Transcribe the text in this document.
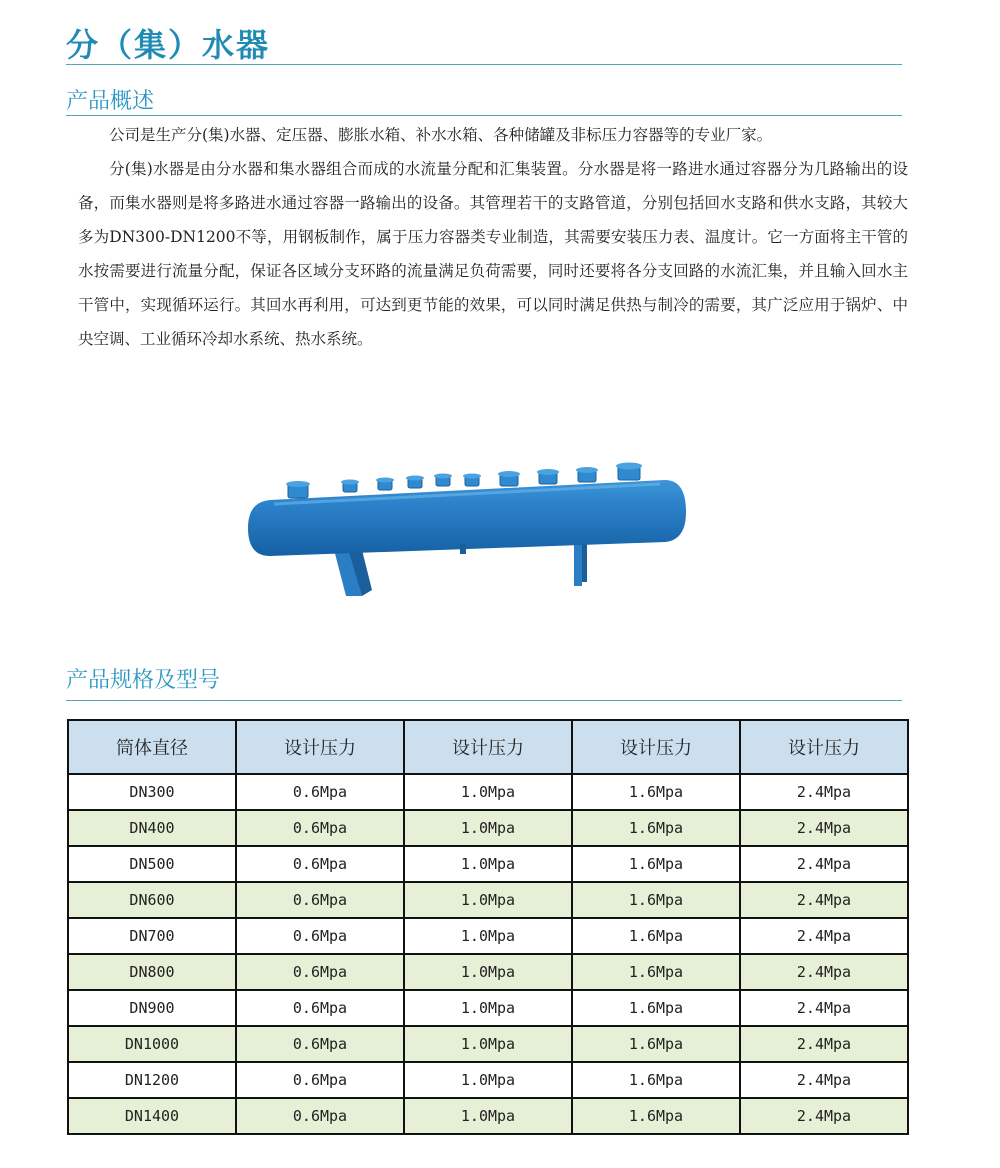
分（集）水器
产品概述

公司是生产分(集)水器、定压器、膨胀水箱、补水水箱、各种储罐及非标压力容器等的专业厂家。

分(集)水器是由分水器和集水器组合而成的水流量分配和汇集装置。分水器是将一路进水通过容器分为几路输出的设备，而集水器则是将多路进水通过容器一路输出的设备。其管理若干的支路管道，分别包括回水支路和供水支路，其较大多为DN300-DN1200不等，用钢板制作，属于压力容器类专业制造，其需要安装压力表、温度计。它一方面将主干管的水按需要进行流量分配，保证各区域分支环路的流量满足负荷需要，同时还要将各分支回路的水流汇集，并且输入回水主干管中，实现循环运行。其回水再利用，可达到更节能的效果，可以同时满足供热与制冷的需要，其广泛应用于锅炉、中央空调、工业循环冷却水系统、热水系统。

产品规格及型号
筒体直径	设计压力	设计压力	设计压力	设计压力
DN300	0.6Mpa	1.0Mpa	1.6Mpa	2.4Mpa
DN400	0.6Mpa	1.0Mpa	1.6Mpa	2.4Mpa
DN500	0.6Mpa	1.0Mpa	1.6Mpa	2.4Mpa
DN600	0.6Mpa	1.0Mpa	1.6Mpa	2.4Mpa
DN700	0.6Mpa	1.0Mpa	1.6Mpa	2.4Mpa
DN800	0.6Mpa	1.0Mpa	1.6Mpa	2.4Mpa
DN900	0.6Mpa	1.0Mpa	1.6Mpa	2.4Mpa
DN1000	0.6Mpa	1.0Mpa	1.6Mpa	2.4Mpa
DN1200	0.6Mpa	1.0Mpa	1.6Mpa	2.4Mpa
DN1400	0.6Mpa	1.0Mpa	1.6Mpa	2.4Mpa
